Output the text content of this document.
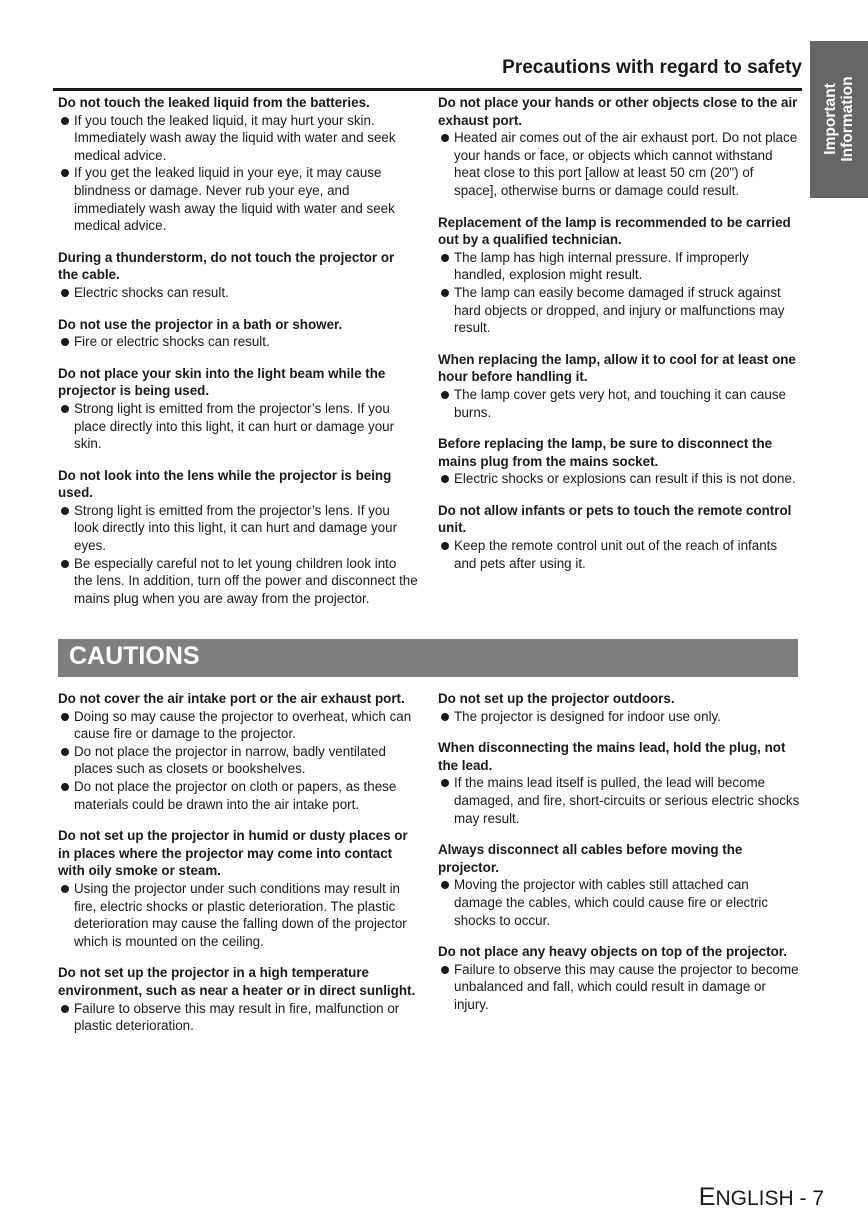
Precautions with regard to safety
Important Information
Do not touch the leaked liquid from the batteries.
If you touch the leaked liquid, it may hurt your skin. Immediately wash away the liquid with water and seek medical advice.
If you get the leaked liquid in your eye, it may cause blindness or damage. Never rub your eye, and immediately wash away the liquid with water and seek medical advice.
During a thunderstorm, do not touch the projector or the cable.
Electric shocks can result.
Do not use the projector in a bath or shower.
Fire or electric shocks can result.
Do not place your skin into the light beam while the projector is being used.
Strong light is emitted from the projector’s lens. If you place directly into this light, it can hurt or damage your skin.
Do not look into the lens while the projector is being used.
Strong light is emitted from the projector’s lens. If you look directly into this light, it can hurt and damage your eyes.
Be especially careful not to let young children look into the lens. In addition, turn off the power and disconnect the mains plug when you are away from the projector.
Do not place your hands or other objects close to the air exhaust port.
Heated air comes out of the air exhaust port. Do not place your hands or face, or objects which cannot withstand heat close to this port [allow at least 50 cm (20") of space], otherwise burns or damage could result.
Replacement of the lamp is recommended to be carried out by a qualified technician.
The lamp has high internal pressure. If improperly handled, explosion might result.
The lamp can easily become damaged if struck against hard objects or dropped, and injury or malfunctions may result.
When replacing the lamp, allow it to cool for at least one hour before handling it.
The lamp cover gets very hot, and touching it can cause burns.
Before replacing the lamp, be sure to disconnect the mains plug from the mains socket.
Electric shocks or explosions can result if this is not done.
Do not allow infants or pets to touch the remote control unit.
Keep the remote control unit out of the reach of infants and pets after using it.
CAUTIONS
Do not cover the air intake port or the air exhaust port.
Doing so may cause the projector to overheat, which can cause fire or damage to the projector.
Do not place the projector in narrow, badly ventilated places such as closets or bookshelves.
Do not place the projector on cloth or papers, as these materials could be drawn into the air intake port.
Do not set up the projector in humid or dusty places or in places where the projector may come into contact with oily smoke or steam.
Using the projector under such conditions may result in fire, electric shocks or plastic deterioration. The plastic deterioration may cause the falling down of the projector which is mounted on the ceiling.
Do not set up the projector in a high temperature environment, such as near a heater or in direct sunlight.
Failure to observe this may result in fire, malfunction or plastic deterioration.
Do not set up the projector outdoors.
The projector is designed for indoor use only.
When disconnecting the mains lead, hold the plug, not the lead.
If the mains lead itself is pulled, the lead will become damaged, and fire, short-circuits or serious electric shocks may result.
Always disconnect all cables before moving the projector.
Moving the projector with cables still attached can damage the cables, which could cause fire or electric shocks to occur.
Do not place any heavy objects on top of the projector.
Failure to observe this may cause the projector to become unbalanced and fall, which could result in damage or injury.
ENGLISH - 7
